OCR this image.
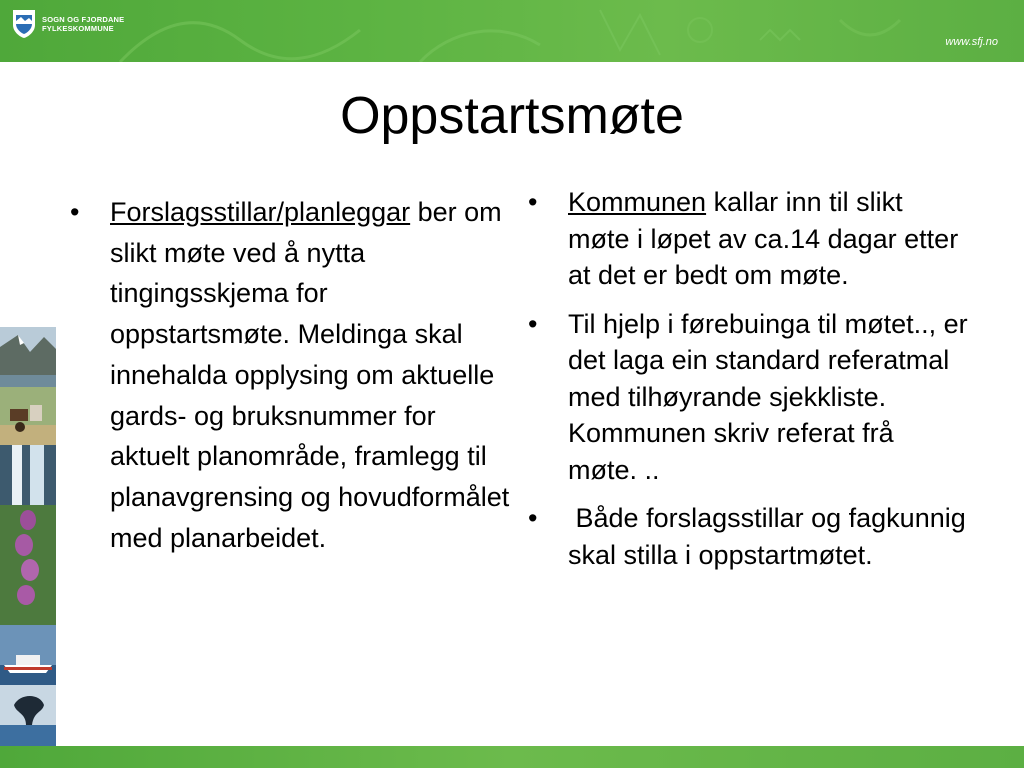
SOGN OG FJORDANE
FYLKESKOMMUNE
www.sfj.no
Oppstartsmøte
•	Forslagsstillar/planleggar ber om slikt møte ved å nytta tingingsskjema for oppstartsmøte. Meldinga skal innehalda opplysing om aktuelle gards- og bruksnummer for aktuelt planområde, framlegg til planavgrensing og hovudformålet med planarbeidet.
•	Kommunen kallar inn til slikt møte i løpet av ca.14 dagar etter at det er bedt om møte.
•	Til hjelp i førebuinga til møtet.., er det laga ein standard referatmal med tilhøyrande sjekkliste. Kommunen skriv referat frå møte. ..
•	Både forslagsstillar og fagkunnig skal stilla i oppstartmøtet.
